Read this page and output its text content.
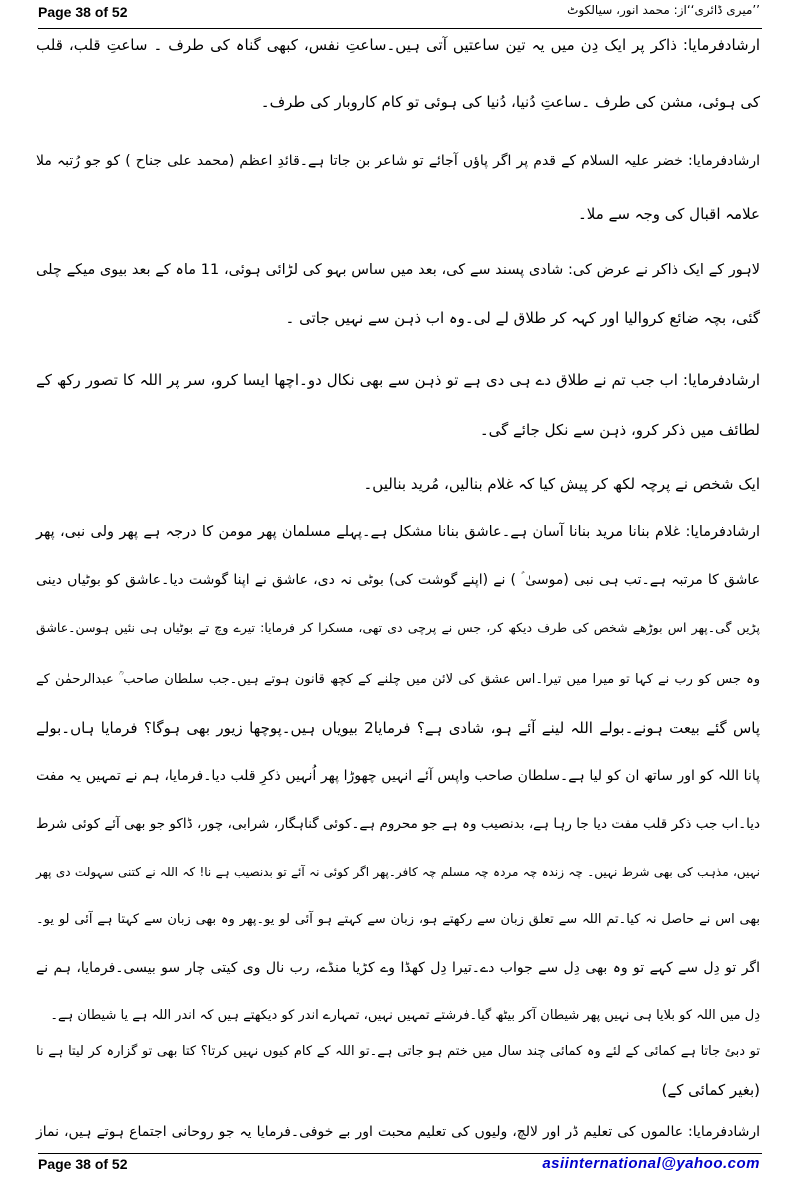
Page 38 of 52	’’میری ڈائری‘‘از: محمد انور، سیالکوٹ
ارشادفرمایا: ذاکر پر ایک دِن میں یہ تین ساعتیں آتی ہیں۔ساعتِ نفس، کبھی گناہ کی طرف ۔ ساعتِ قلب، قلب
کی ہوئی، مشن کی طرف ۔ساعتِ دُنیا، دُنیا کی ہوئی تو کام کاروبار کی طرف۔
ارشادفرمایا: خضر علیہ السلام کے قدم پر اگر پاؤں آجائے تو شاعر بن جاتا ہے۔قائدِ اعظم (محمد علی جناح ) کو جو رُتبہ ملا
علامہ اقبال کی وجہ سے ملا۔
لاہور کے ایک ذاکر نے عرض کی: شادی پسند سے کی، بعد میں ساس بہو کی لڑائی ہوئی، 11 ماہ کے بعد بیوی میکے چلی
گئی، بچہ ضائع کروالیا اور کہہ کر طلاق لے لی۔وہ اب ذہن سے نہیں جاتی ۔
ارشادفرمایا: اب جب تم نے طلاق دے ہی دی ہے تو ذہن سے بھی نکال دو۔اچھا ایسا کرو، سر پر اللہ کا تصور رکھ کے
لطائف میں ذکر کرو، ذہن سے نکل جائے گی۔
ایک شخص نے پرچہ لکھ کر پیش کیا کہ غلام بنالیں، مُرید بنالیں۔
ارشادفرمایا: غلام بنانا مرید بنانا آسان ہے۔عاشق بنانا مشکل ہے۔پہلے مسلمان پھر مومن کا درجہ ہے پھر ولی نبی، پھر
عاشق کا مرتبہ ہے۔تب ہی نبی (موسیٰ ؑ ) نے (اپنے گوشت کی) بوٹی نہ دی، عاشق نے اپنا گوشت دیا۔عاشق کو بوٹیاں دینی
پڑیں گی۔پھر اس بوڑھے شخص کی طرف دیکھ کر، جس نے پرچی دی تھی، مسکرا کر فرمایا: تیرے وچ تے بوٹیاں ہی نئیں ہوسن۔عاشق
وہ جس کو رب نے کہا تو میرا میں تیرا۔اس عشق کی لائن میں چلنے کے کچھ قانون ہوتے ہیں۔جب سلطان صاحب ؒ عبدالرحمٰن کے
پاس گئے بیعت ہونے۔بولے اللہ لینے آئے ہو، شادی ہے؟ فرمایا2 بیویاں ہیں۔پوچھا زیور بھی ہوگا؟ فرمایا ہاں۔بولے
پانا اللہ کو اور ساتھ ان کو لیا ہے۔سلطان صاحب واپس آئے انہیں چھوڑا پھر اُنہیں ذکرِ قلب دیا۔فرمایا، ہم نے تمہیں یہ مفت
دیا۔اب جب ذکر قلب مفت دیا جا رہا ہے، بدنصیب وہ ہے جو محروم ہے۔کوئی گناہگار، شرابی، چور، ڈاکو جو بھی آئے کوئی شرط
نہیں، مذہب کی بھی شرط نہیں۔ چہ زندہ چہ مردہ چہ مسلم چہ کافر۔پھر اگر کوئی نہ آئے تو بدنصیب ہے نا! کہ اللہ نے کتنی سہولت دی پھر
بھی اس نے حاصل نہ کیا۔تم اللہ سے تعلق زبان سے رکھتے ہو، زبان سے کہتے ہو آئی لو یو۔پھر وہ بھی زبان سے کہتا ہے آئی لو یو۔
اگر تو دِل سے کہے تو وہ بھی دِل سے جواب دے۔تیرا دِل کھڈا وے کڑیا منڈے، رب نال وی کیتی چار سو بیسی۔فرمایا، ہم نے
دِل میں اللہ کو بلایا ہی نہیں پھر شیطان آکر بیٹھ گیا۔فرشتے تمہیں نہیں، تمہارے اندر کو دیکھتے ہیں کہ اندر اللہ ہے یا شیطان ہے۔
تو دبئ جاتا ہے کمائی کے لئے وہ کمائی چند سال میں ختم ہو جاتی ہے۔تو اللہ کے کام کیوں نہیں کرتا؟ کتا بھی تو گزارہ کر لیتا ہے نا
(بغیر کمائی کے)
ارشادفرمایا: عالموں کی تعلیم ڈر اور لالچ، ولیوں کی تعلیم محبت اور بے خوفی۔فرمایا یہ جو روحانی اجتماع ہوتے ہیں، نماز
Page 38 of 52	asiinternational@yahoo.com
